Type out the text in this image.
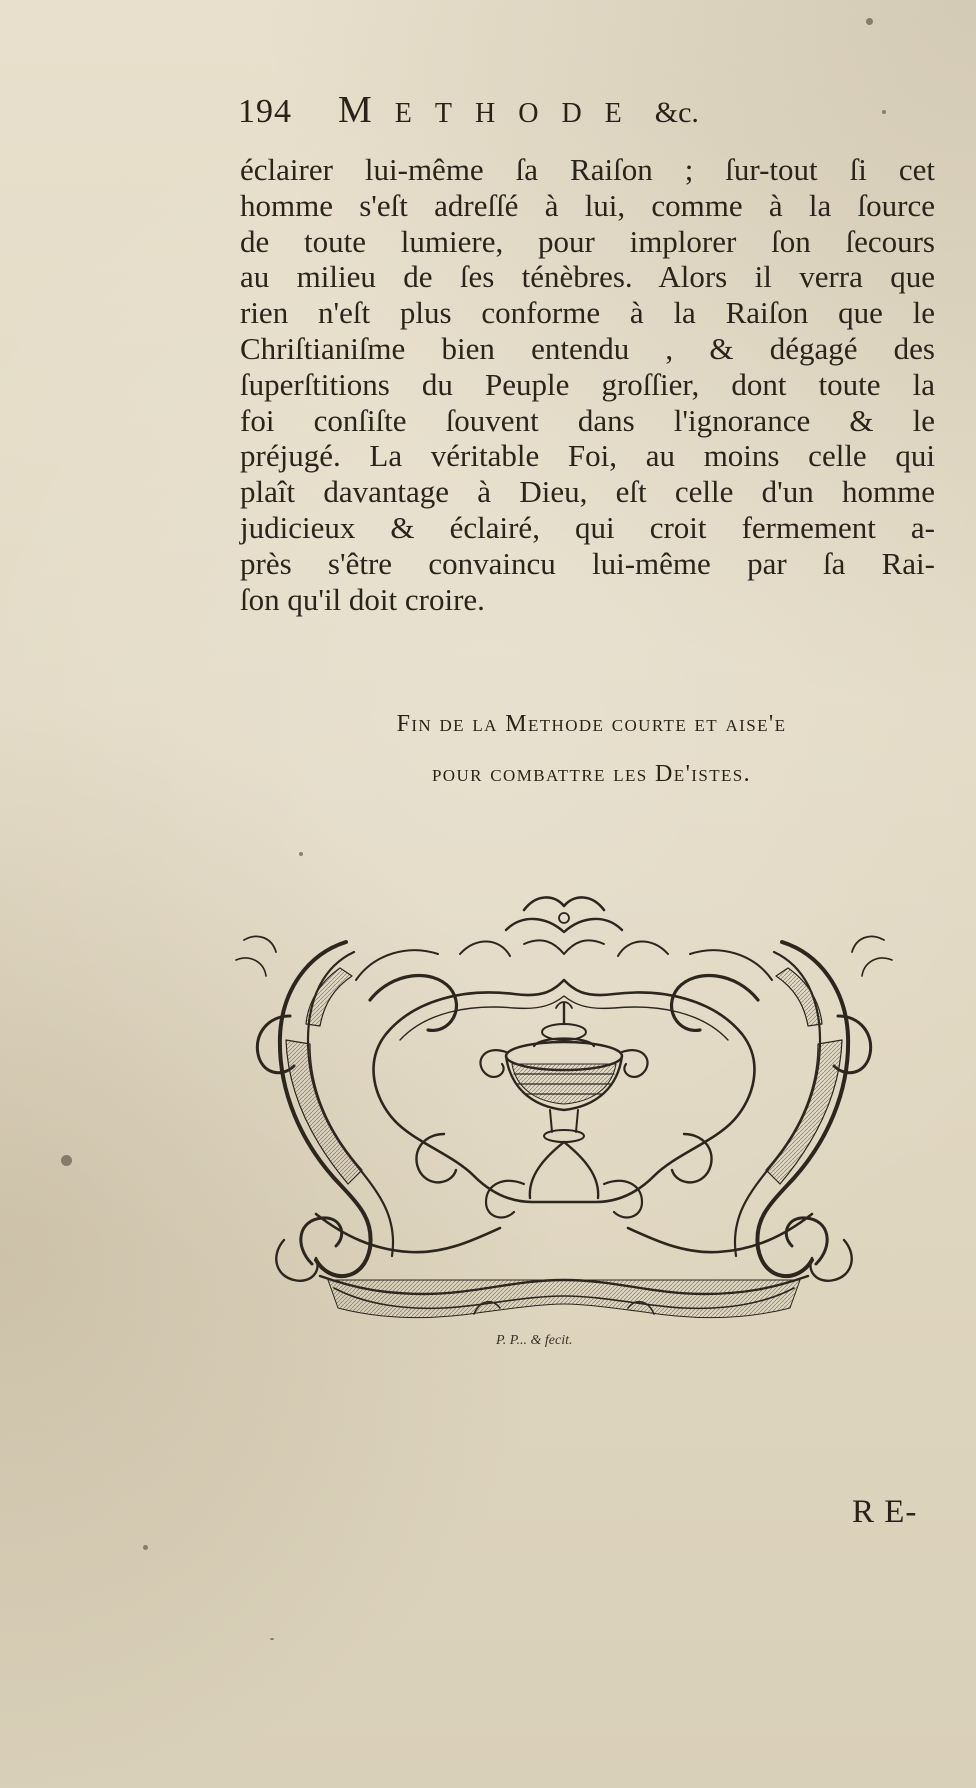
194 METHODE &c.
éclairer lui-même ſa Raiſon ; ſur-tout ſi cet
homme s'eſt adreſſé à lui, comme à la ſource
de toute lumiere, pour implorer ſon ſecours
au milieu de ſes ténèbres. Alors il verra que
rien n'eſt plus conforme à la Raiſon que le
Chriſtianiſme bien entendu , & dégagé des
ſuperſtitions du Peuple groſſier, dont toute la
foi conſiſte ſouvent dans l'ignorance & le
préjugé. La véritable Foi, au moins celle qui
plaît davantage à Dieu, eſt celle d'un homme
judicieux & éclairé, qui croit fermement a-
près s'être convaincu lui-même par ſa Rai-
ſon qu'il doit croire.
Fin de la Methode courte et aise'e
pour combattre les De'istes.
P. P... & fecit.
R E-
